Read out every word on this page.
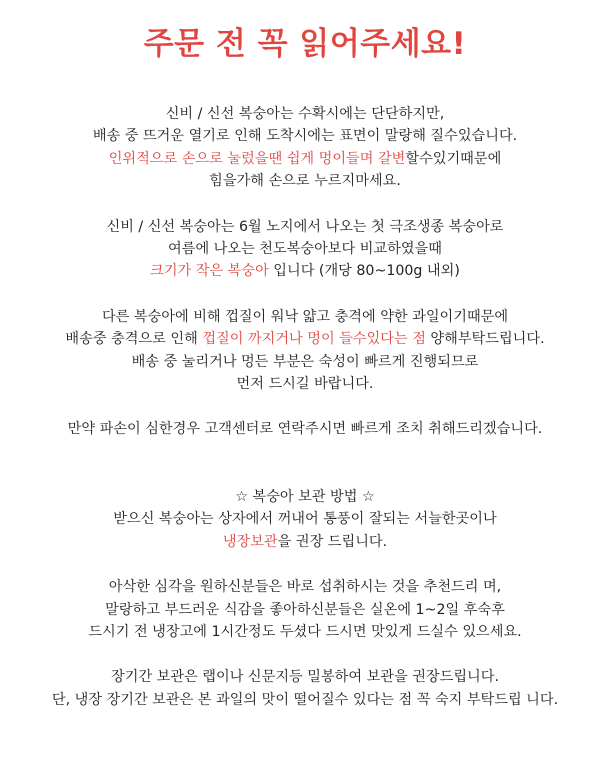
주문 전 꼭 읽어주세요!
신비 / 신선 복숭아는 수확시에는 단단하지만,
배송 중 뜨거운 열기로 인해 도착시에는 표면이 말랑해 질수있습니다.
인위적으로 손으로 눌렀을땐 쉽게 멍이들며 갈변할수있기때문에
힘을가해 손으로 누르지마세요.
신비 / 신선 복숭아는 6월 노지에서 나오는 첫 극조생종 복숭아로
여름에 나오는 천도복숭아보다 비교하였을때
크기가 작은 복숭아 입니다 (개당 80~100g 내외)
다른 복숭아에 비해 껍질이 워낙 얇고 충격에 약한 과일이기때문에
배송중 충격으로 인해 껍질이 까지거나 멍이 들수있다는 점 양해부탁드립니다.
배송 중 눌리거나 멍든 부분은 숙성이 빠르게 진행되므로
먼저 드시길 바랍니다.
만약 파손이 심한경우 고객센터로 연락주시면 빠르게 조치 취해드리겠습니다.
☆ 복숭아 보관 방법 ☆
받으신 복숭아는 상자에서 꺼내어 통풍이 잘되는 서늘한곳이나
냉장보관을 권장 드립니다.
아삭한 심각을 원하신분들은 바로 섭취하시는 것을 추천드리 며,
말랑하고 부드러운 식감을 좋아하신분들은 실온에 1~2일 후숙후
드시기 전 냉장고에 1시간정도 두셨다 드시면 맛있게 드실수 있으세요.
장기간 보관은 랩이나 신문지등 밀봉하여 보관을 권장드립니다.
단, 냉장 장기간 보관은 본 과일의 맛이 떨어질수 있다는 점 꼭 숙지 부탁드립 니다.
